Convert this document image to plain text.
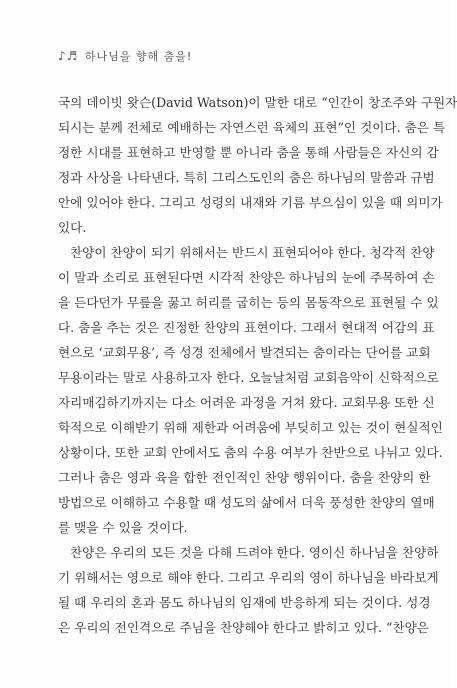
♪♬ 하나님을 향해 춤을!
국의 데이빗 왓슨(David Watson)이 말한 대로 “인간이 창조주와 구원자
되시는 분께 전체로 예배하는 자연스런 육체의 표현”인 것이다. 춤은 특
정한 시대를 표현하고 반영할 뿐 아니라 춤을 통해 사람들은 자신의 감
정과 사상을 나타낸다. 특히 그리스도인의 춤은 하나님의 말씀과 규범
안에 있어야 한다. 그리고 성령의 내재와 기름 부으심이 있을 때 의미가
있다.
찬양이 찬양이 되기 위해서는 반드시 표현되어야 한다. 청각적 찬양
이 말과 소리로 표현된다면 시각적 찬양은 하나님의 눈에 주목하여 손
을 든다던가 무릎을 꿇고 허리를 굽히는 등의 몸동작으로 표현될 수 있
다. 춤을 추는 것은 진정한 찬양의 표현이다. 그래서 현대적 어감의 표
현으로 ‘교회무용’, 즉 성경 전체에서 발견되는 춤이라는 단어를 교회
무용이라는 말로 사용하고자 한다. 오늘날처럼 교회음악이 신학적으로
자리매김하기까지는 다소 어려운 과정을 거쳐 왔다. 교회무용 또한 신
학적으로 이해받기 위해 제한과 어려움에 부딪히고 있는 것이 현실적인
상황이다. 또한 교회 안에서도 춤의 수용 여부가 찬반으로 나뉘고 있다.
그러나 춤은 영과 육을 합한 전인적인 찬양 행위이다. 춤을 찬양의 한
방법으로 이해하고 수용할 때 성도의 삶에서 더욱 풍성한 찬양의 열매
를 맺을 수 있을 것이다.
찬양은 우리의 모든 것을 다해 드려야 한다. 영이신 하나님을 찬양하
기 위해서는 영으로 해야 한다. 그리고 우리의 영이 하나님을 바라보게
될 때 우리의 혼과 몸도 하나님의 임재에 반응하게 되는 것이다. 성경
은 우리의 전인격으로 주님을 찬양해야 한다고 밝히고 있다. “찬양은
